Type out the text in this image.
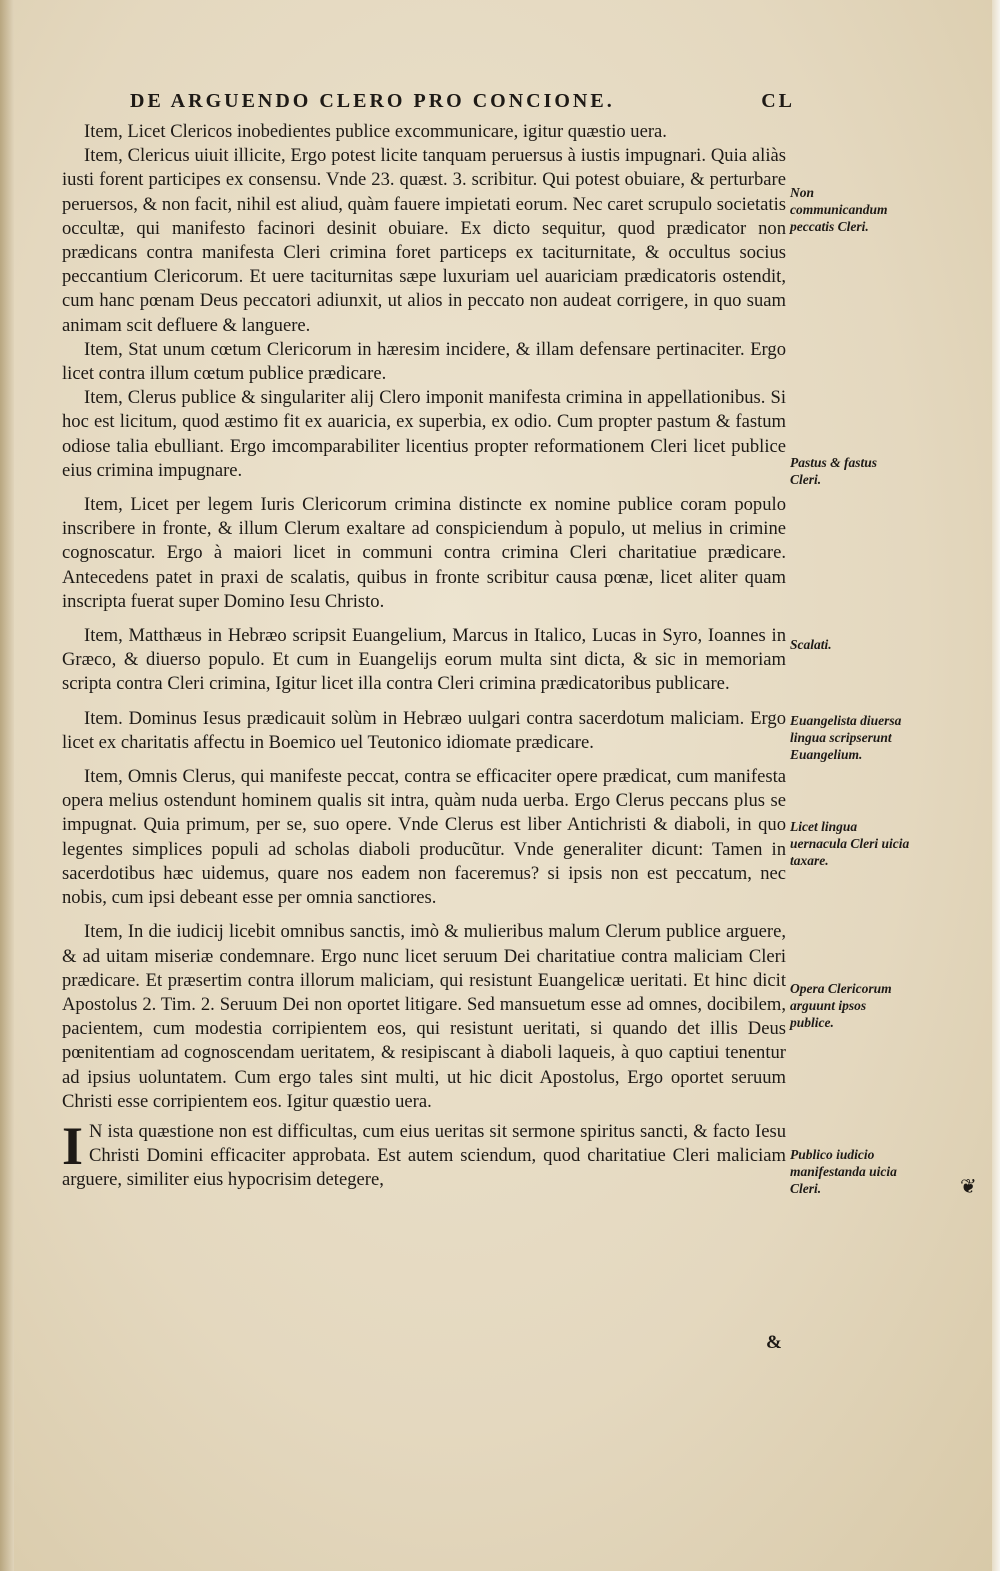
DE ARGUENDO CLERO PRO CONCIONE.	CL

Item, Licet Clericos inobedientes publice excommunicare, igitur quæstio uera.

Item, Clericus uiuit illicite, Ergo potest licite tanquam peruersus à iustis impugnari. Quia aliàs iusti forent participes ex consensu. Vnde 23. quæst. 3. scribitur. Qui potest obuiare, & perturbare peruersos, & non facit, nihil est aliud, quàm fauere impietati eorum. Nec caret scrupulo societatis occultæ, qui manifesto facinori desinit obuiare. Ex dicto sequitur, quod prædicator non prædicans contra manifesta Cleri crimina foret particeps ex taciturnitate, & occultus socius peccantium Clericorum. Et uere taciturnitas sæpe luxuriam uel auariciam prædicatoris ostendit, cum hanc pœnam Deus peccatori adiunxit, ut alios in peccato non audeat corrigere, in quo suam animam scit defluere & languere.

Item, Stat unum cœtum Clericorum in hæresim incidere, & illam defensare pertinaciter. Ergo licet contra illum cœtum publice prædicare.

Item, Clerus publice & singulariter alij Clero imponit manifesta crimina in appellationibus. Si hoc est licitum, quod æstimo fit ex auaricia, ex superbia, ex odio. Cum propter pastum & fastum odiose talia ebulliant. Ergo imcomparabiliter licentius propter reformationem Cleri licet publice eius crimina impugnare.

Item, Licet per legem Iuris Clericorum crimina distincte ex nomine publice coram populo inscribere in fronte, & illum Clerum exaltare ad conspiciendum à populo, ut melius in crimine cognoscatur. Ergo à maiori licet in communi contra crimina Cleri charitatiue prædicare. Antecedens patet in praxi de scalatis, quibus in fronte scribitur causa pœnæ, licet aliter quam inscripta fuerat super Domino Iesu Christo.

Item, Matthæus in Hebræo scripsit Euangelium, Marcus in Italico, Lucas in Syro, Ioannes in Græco, & diuerso populo. Et cum in Euangelijs eorum multa sint dicta, & sic in memoriam scripta contra Cleri crimina, Igitur licet illa contra Cleri crimina prædicatoribus publicare.

Item. Dominus Iesus prædicauit solùm in Hebræo uulgari contra sacerdotum maliciam. Ergo licet ex charitatis affectu in Boemico uel Teutonico idiomate prædicare.

Item, Omnis Clerus, qui manifeste peccat, contra se efficaciter opere prædicat, cum manifesta opera melius ostendunt hominem qualis sit intra, quàm nuda uerba. Ergo Clerus peccans plus se impugnat. Quia primum, per se, suo opere. Vnde Clerus est liber Antichristi & diaboli, in quo legentes simplices populi ad scholas diaboli producũtur. Vnde generaliter dicunt: Tamen in sacerdotibus hæc uidemus, quare nos eadem non faceremus? si ipsis non est peccatum, nec nobis, cum ipsi debeant esse per omnia sanctiores.

Item, In die iudicij licebit omnibus sanctis, imò & mulieribus malum Clerum publice arguere, & ad uitam miseriæ condemnare. Ergo nunc licet seruum Dei charitatiue contra maliciam Cleri prædicare. Et præsertim contra illorum maliciam, qui resistunt Euangelicæ ueritati. Et hinc dicit Apostolus 2. Tim. 2. Seruum Dei non oportet litigare. Sed mansuetum esse ad omnes, docibilem, pacientem, cum modestia corripientem eos, qui resistunt ueritati, si quando det illis Deus pœnitentiam ad cognoscendam ueritatem, & resipiscant à diaboli laqueis, à quo captiui tenentur ad ipsius uoluntatem. Cum ergo tales sint multi, ut hic dicit Apostolus, Ergo oportet seruum Christi esse corripientem eos. Igitur quæstio uera.

I N ista quæstione non est difficultas, cum eius ueritas sit sermone spiritus sancti, & facto Iesu Christi Domini efficaciter approbata. Est autem sciendum, quod charitatiue Cleri maliciam arguere, similiter eius hypocrisim detegere,

Non communicandum peccatis Cleri.
Pastus & fastus Cleri.
Scalati.
Euangelista diuersa lingua scripserunt Euangelium.
Licet lingua uernacula Cleri uicia taxare.
Opera Clericorum arguunt ipsos publice.
Publico iudicio manifestanda uicia Cleri.	❦
&
